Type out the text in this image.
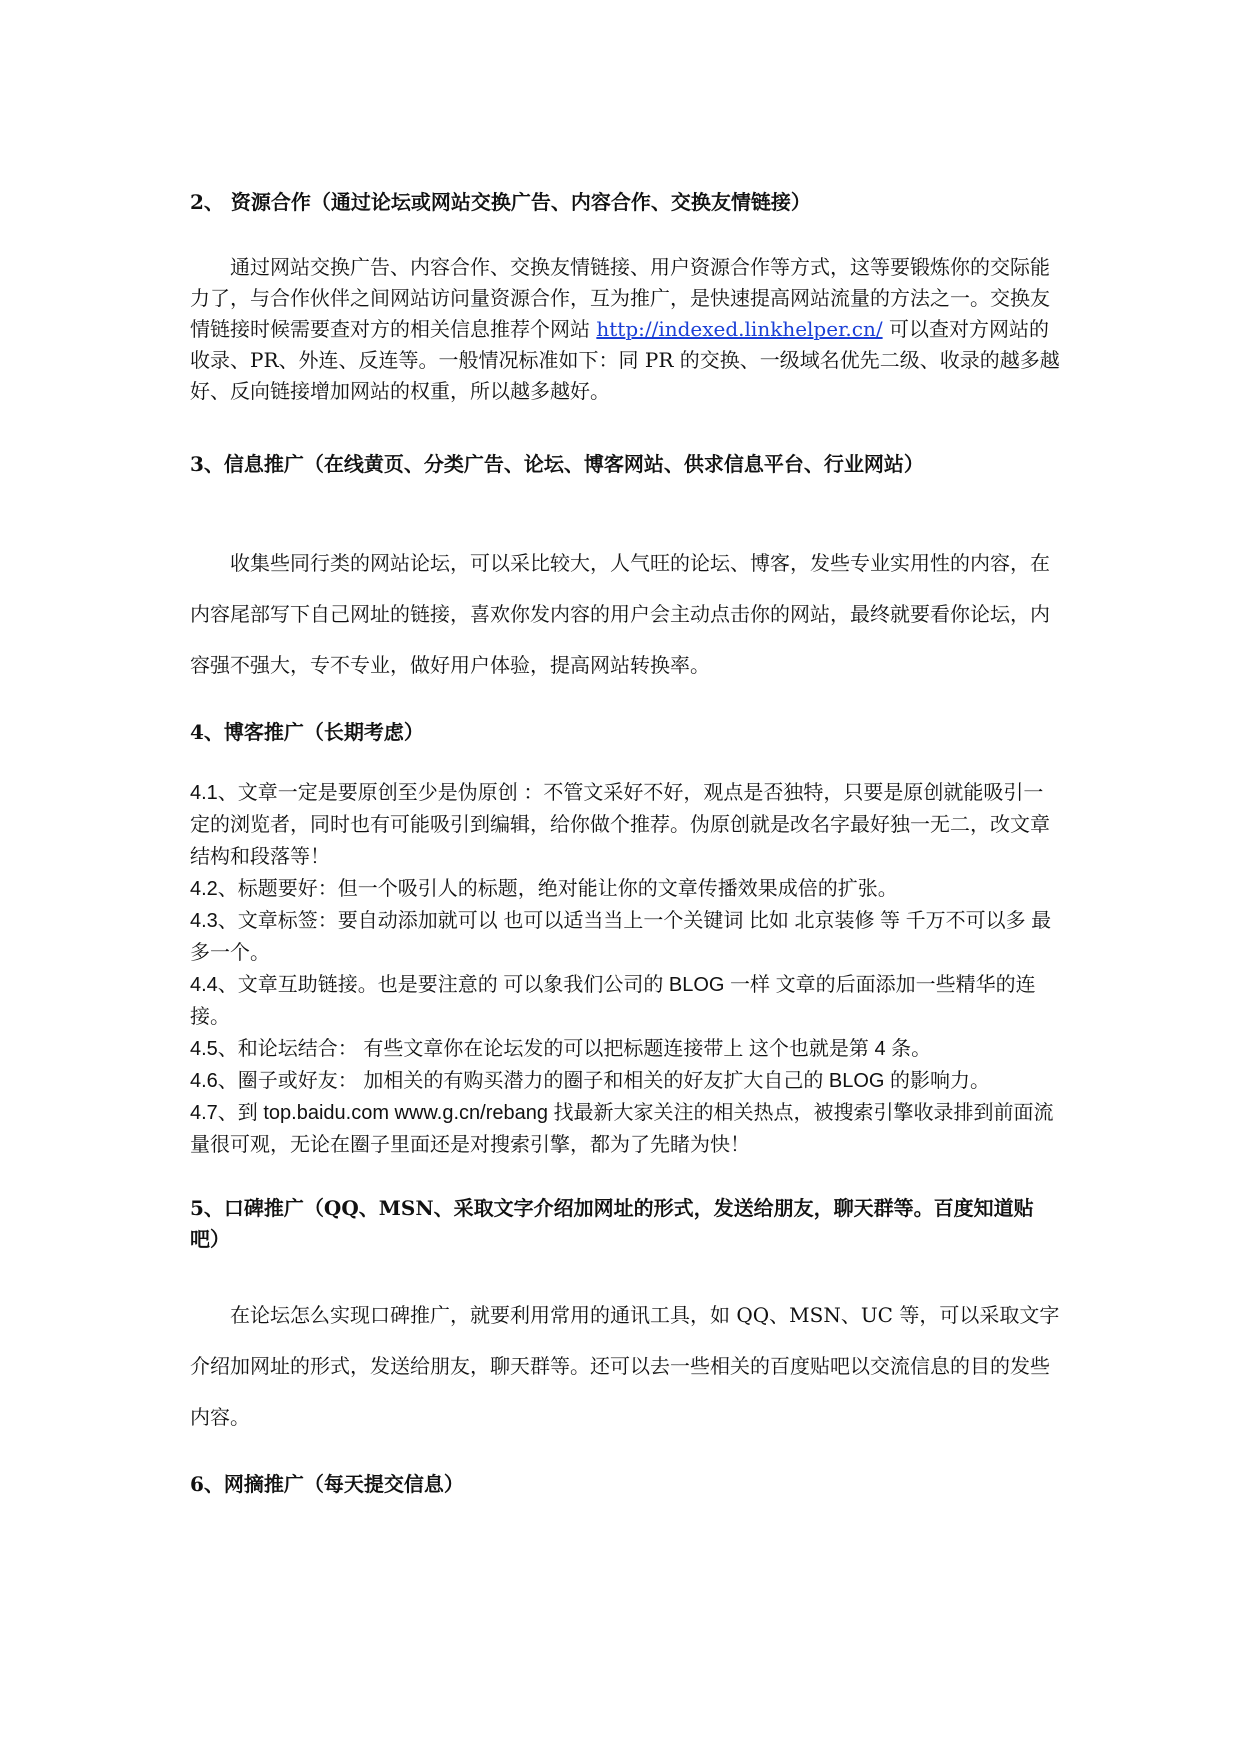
2、 资源合作（通过论坛或网站交换广告、内容合作、交换友情链接）
通过网站交换广告、内容合作、交换友情链接、用户资源合作等方式，这等要锻炼你的交际能力了，与合作伙伴之间网站访问量资源合作，互为推广，是快速提高网站流量的方法之一。交换友情链接时候需要查对方的相关信息推荐个网站 http://indexed.linkhelper.cn/ 可以查对方网站的收录、PR、外连、反连等。一般情况标准如下：同 PR 的交换、一级域名优先二级、收录的越多越好、反向链接增加网站的权重，所以越多越好。
3、信息推广（在线黄页、分类广告、论坛、博客网站、供求信息平台、行业网站）
收集些同行类的网站论坛，可以采比较大，人气旺的论坛、博客，发些专业实用性的内容，在内容尾部写下自己网址的链接，喜欢你发内容的用户会主动点击你的网站，最终就要看你论坛，内容强不强大，专不专业，做好用户体验，提高网站转换率。
4、博客推广（长期考虑）
4.1、文章一定是要原创至少是伪原创 ：不管文采好不好，观点是否独特，只要是原创就能吸引一定的浏览者，同时也有可能吸引到编辑，给你做个推荐。伪原创就是改名字最好独一无二，改文章结构和段落等！
4.2、标题要好：但一个吸引人的标题，绝对能让你的文章传播效果成倍的扩张。
4.3、文章标签：要自动添加就可以 也可以适当当上一个关键词 比如 北京装修 等 千万不可以多 最多一个。
4.4、文章互助链接。也是要注意的 可以象我们公司的 BLOG 一样 文章的后面添加一些精华的连接。
4.5、和论坛结合： 有些文章你在论坛发的可以把标题连接带上 这个也就是第 4 条。
4.6、圈子或好友： 加相关的有购买潜力的圈子和相关的好友扩大自己的 BLOG 的影响力。
4.7、到 top.baidu.com www.g.cn/rebang 找最新大家关注的相关热点，被搜索引擎收录排到前面流量很可观，无论在圈子里面还是对搜索引擎，都为了先睹为快！
5、口碑推广（QQ、MSN、采取文字介绍加网址的形式，发送给朋友，聊天群等。百度知道贴吧）
在论坛怎么实现口碑推广，就要利用常用的通讯工具，如 QQ、MSN、UC 等，可以采取文字介绍加网址的形式，发送给朋友，聊天群等。还可以去一些相关的百度贴吧以交流信息的目的发些内容。
6、网摘推广（每天提交信息）
